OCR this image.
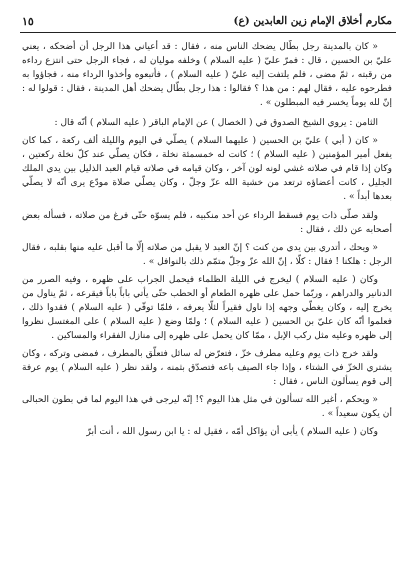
مكارم أخلاق الإمام زين العابدين (ع)
١٥

« كان بالمدينة رجل بطّال يضحك الناس منه ، فقال : قد أعياني هذا الرجل أن أضحكه ، يعني عليّ بن الحسين ، قال : فمرّ عليّ ( عليه السلام ) وخلفه موليان له ، فجاء الرجل حتى انتزع رداءه من رقبته ، ثمّ مضى ، فلم يلتفت إليه عليّ ( عليه السلام ) ، فأتبعوه وأخذوا الرداء منه ، فجاؤوا به فطرحوه عليه ، فقال لهم : من هذا ؟ فقالوا : هذا رجل بطّال يضحك أهل المدينة ، فقال : قولوا له : إنّ لله يوماً يخسر فيه المبطلون » .

الثامن : يروي الشيخ الصدوق في ( الخصال ) عن الإمام الباقر ( عليه السلام ) أنّه قال :

« كان ( أبي ) عليّ بن الحسين ( عليهما السلام ) يصلّي في اليوم والليلة ألف ركعة ، كما كان يفعل أمير المؤمنين ( عليه السلام ) ؛ كانت له خمسمئة نخلة ، فكان يصلّي عند كلّ نخلة ركعتين ، وكان إذا قام في صلاته غشي لونه لون آخر ، وكان قيامه في صلاته قيام العبد الذليل بين يدي الملك الجليل ، كانت أعضاؤه ترتعد من خشية الله عزّ وجلّ ، وكان يصلّي صلاة مودّع يرى أنّه لا يصلّي بعدها أبداً » .

ولقد صلّى ذات يوم فسقط الرداء عن أحد منكبيه ، فلم يسوّه حتّى فرغ من صلاته ، فسأله بعض أصحابه عن ذلك ، فقال :

« ويحك ، أتدري بين يدي من كنت ؟ إنّ العبد لا يقبل من صلاته إلّا ما أقبل عليه منها بقلبه ، فقال الرجل : هلكنا ! فقال : كلّا ، إنّ الله عزّ وجلّ متمّم ذلك بالنوافل » .

وكان ( عليه السلام ) ليخرج في الليلة الظلماء فيحمل الجراب على ظهره ، وفيه الصرر من الدنانير والدراهم ، وربّما حمل على ظهره الطعام أو الحطب حتّى يأتي باباً باباً فيقرعه ، ثمّ يناول من يخرج إليه ، وكان يغطّي وجهه إذا ناول فقيراً لئلّا يعرفه ، فلمّا توفّي ( عليه السلام ) فقدوا ذلك ، فعلموا أنّه كان عليّ بن الحسين ( عليه السلام ) ؛ ولمّا وضع ( عليه السلام ) على المغتسل نظروا إلى ظهره وعليه مثل ركب الإبل ، ممّا كان يحمل على ظهره إلى منازل الفقراء والمساكين .

ولقد خرج ذات يوم وعليه مطرف خزّ ، فتعرّض له سائل فتعلّق بالمطرف ، فمضى وتركه ، وكان يشتري الخزّ في الشتاء ، وإذا جاء الصيف باعه فتصدّق بثمنه ، ولقد نظر ( عليه السلام ) يوم عرفة إلى قوم يسألون الناس ، فقال :

« ويحكم ، أغير الله تسألون في مثل هذا اليوم ؟! إنّه ليرجى في هذا اليوم لما في بطون الحبالى أن يكون سعيداً » .

وكان ( عليه السلام ) يأبى أن يؤاكل أمّه ، فقيل له : يا ابن رسول الله ، أنت أبرّ
